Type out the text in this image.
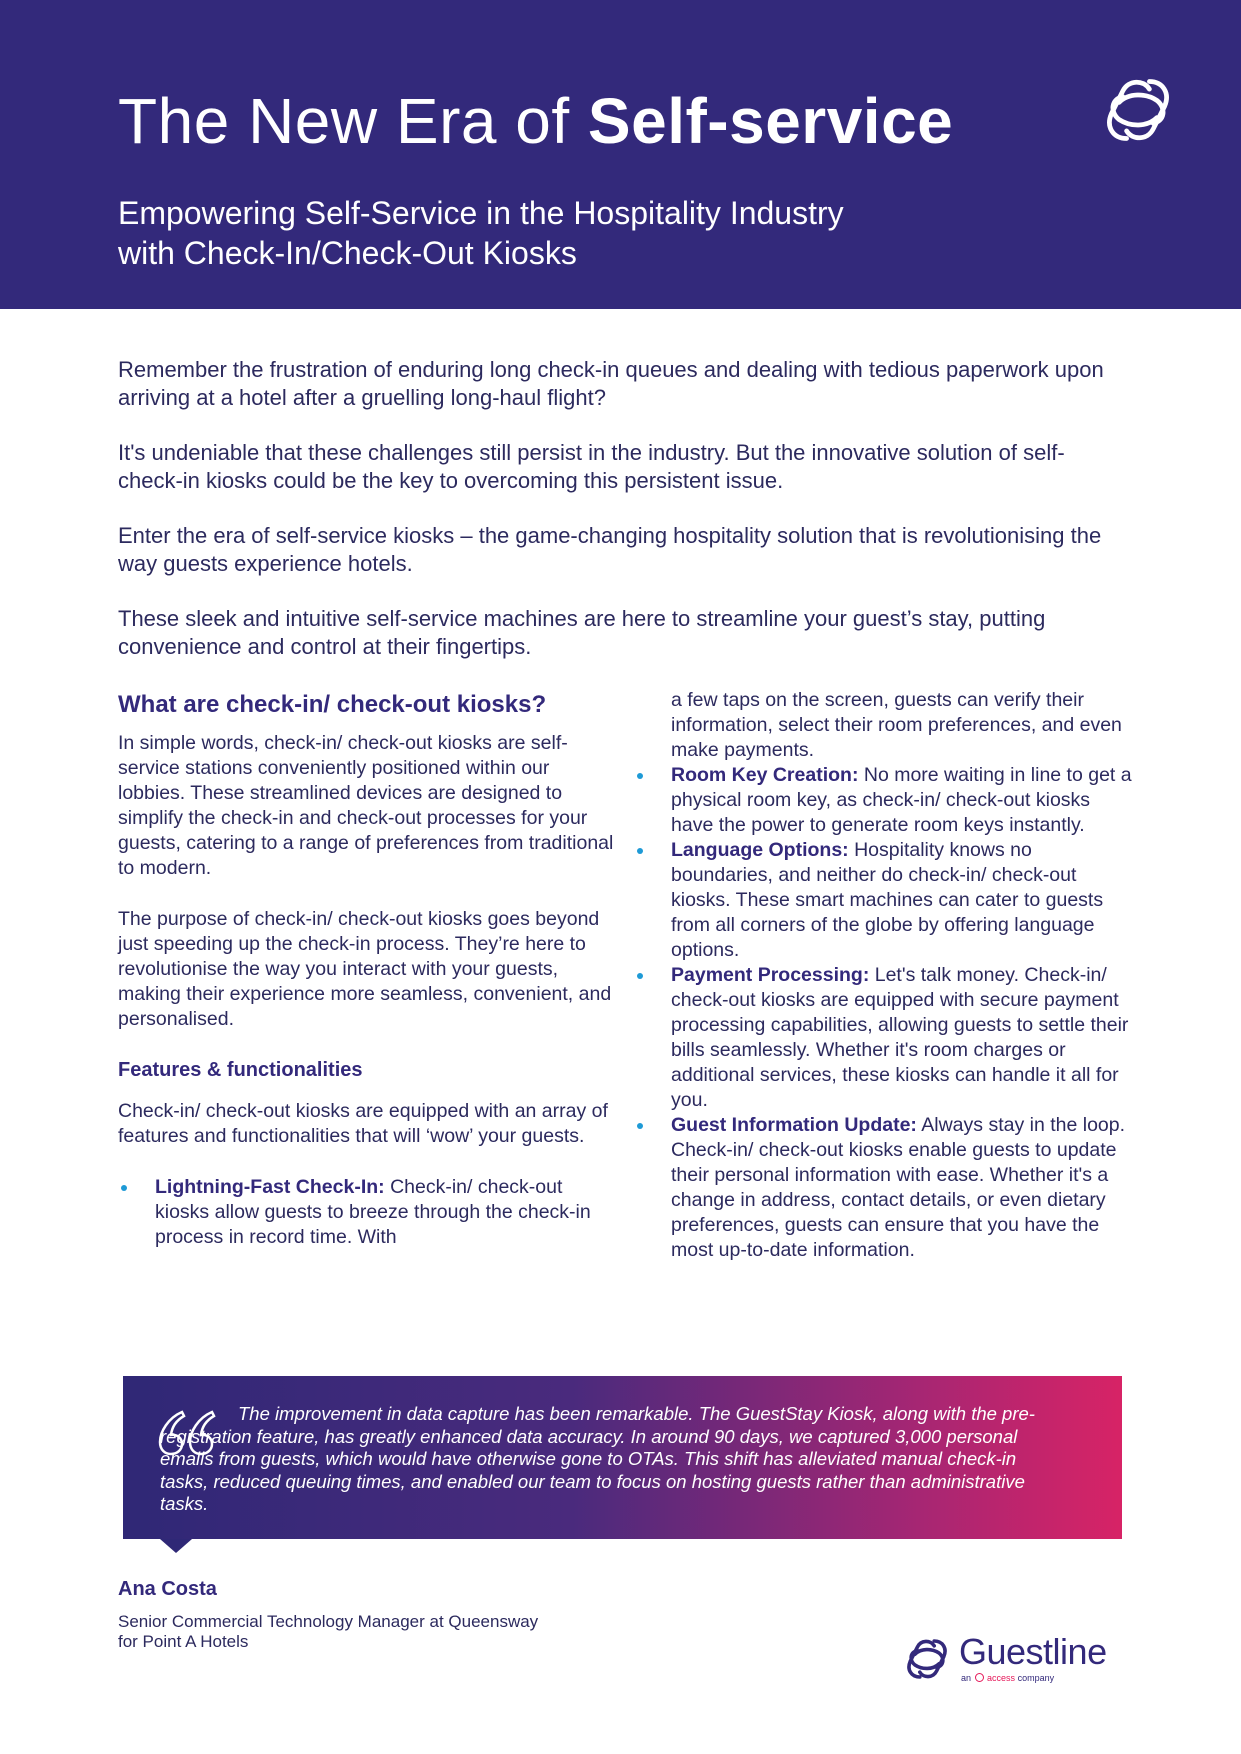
The New Era of Self-service
Empowering Self-Service in the Hospitality Industry
with Check-In/Check-Out Kiosks

Remember the frustration of enduring long check-in queues and dealing with tedious paperwork upon arriving at a hotel after a gruelling long-haul flight?

It's undeniable that these challenges still persist in the industry. But the innovative solution of self-check-in kiosks could be the key to overcoming this persistent issue.

Enter the era of self-service kiosks – the game-changing hospitality solution that is revolutionising the way guests experience hotels.

These sleek and intuitive self-service machines are here to streamline your guest’s stay, putting convenience and control at their fingertips.

What are check-in/ check-out kiosks?

In simple words, check-in/ check-out kiosks are self-service stations conveniently positioned within our lobbies. These streamlined devices are designed to simplify the check-in and check-out processes for your guests, catering to a range of preferences from traditional to modern.

The purpose of check-in/ check-out kiosks goes beyond just speeding up the check-in process. They’re here to revolutionise the way you interact with your guests, making their experience more seamless, convenient, and personalised.

Features & functionalities

Check-in/ check-out kiosks are equipped with an array of features and functionalities that will ‘wow’ your guests.

Lightning-Fast Check-In: Check-in/ check-out kiosks allow guests to breeze through the check-in process in record time. With
a few taps on the screen, guests can verify their information, select their room preferences, and even make payments.
Room Key Creation: No more waiting in line to get a physical room key, as check-in/ check-out kiosks have the power to generate room keys instantly.
Language Options: Hospitality knows no boundaries, and neither do check-in/ check-out kiosks. These smart machines can cater to guests from all corners of the globe by offering language options.
Payment Processing: Let's talk money. Check-in/ check-out kiosks are equipped with secure payment processing capabilities, allowing guests to settle their bills seamlessly. Whether it's room charges or additional services, these kiosks can handle it all for you.
Guest Information Update: Always stay in the loop. Check-in/ check-out kiosks enable guests to update their personal information with ease. Whether it's a change in address, contact details, or even dietary preferences, guests can ensure that you have the most up-to-date information.

The improvement in data capture has been remarkable. The GuestStay Kiosk, along with the pre-registration feature, has greatly enhanced data accuracy. In around 90 days, we captured 3,000 personal emails from guests, which would have otherwise gone to OTAs. This shift has alleviated manual check-in tasks, reduced queuing times, and enabled our team to focus on hosting guests rather than administrative tasks.

Ana Costa

Senior Commercial Technology Manager at Queensway
for Point A Hotels	Guestline
an access company
